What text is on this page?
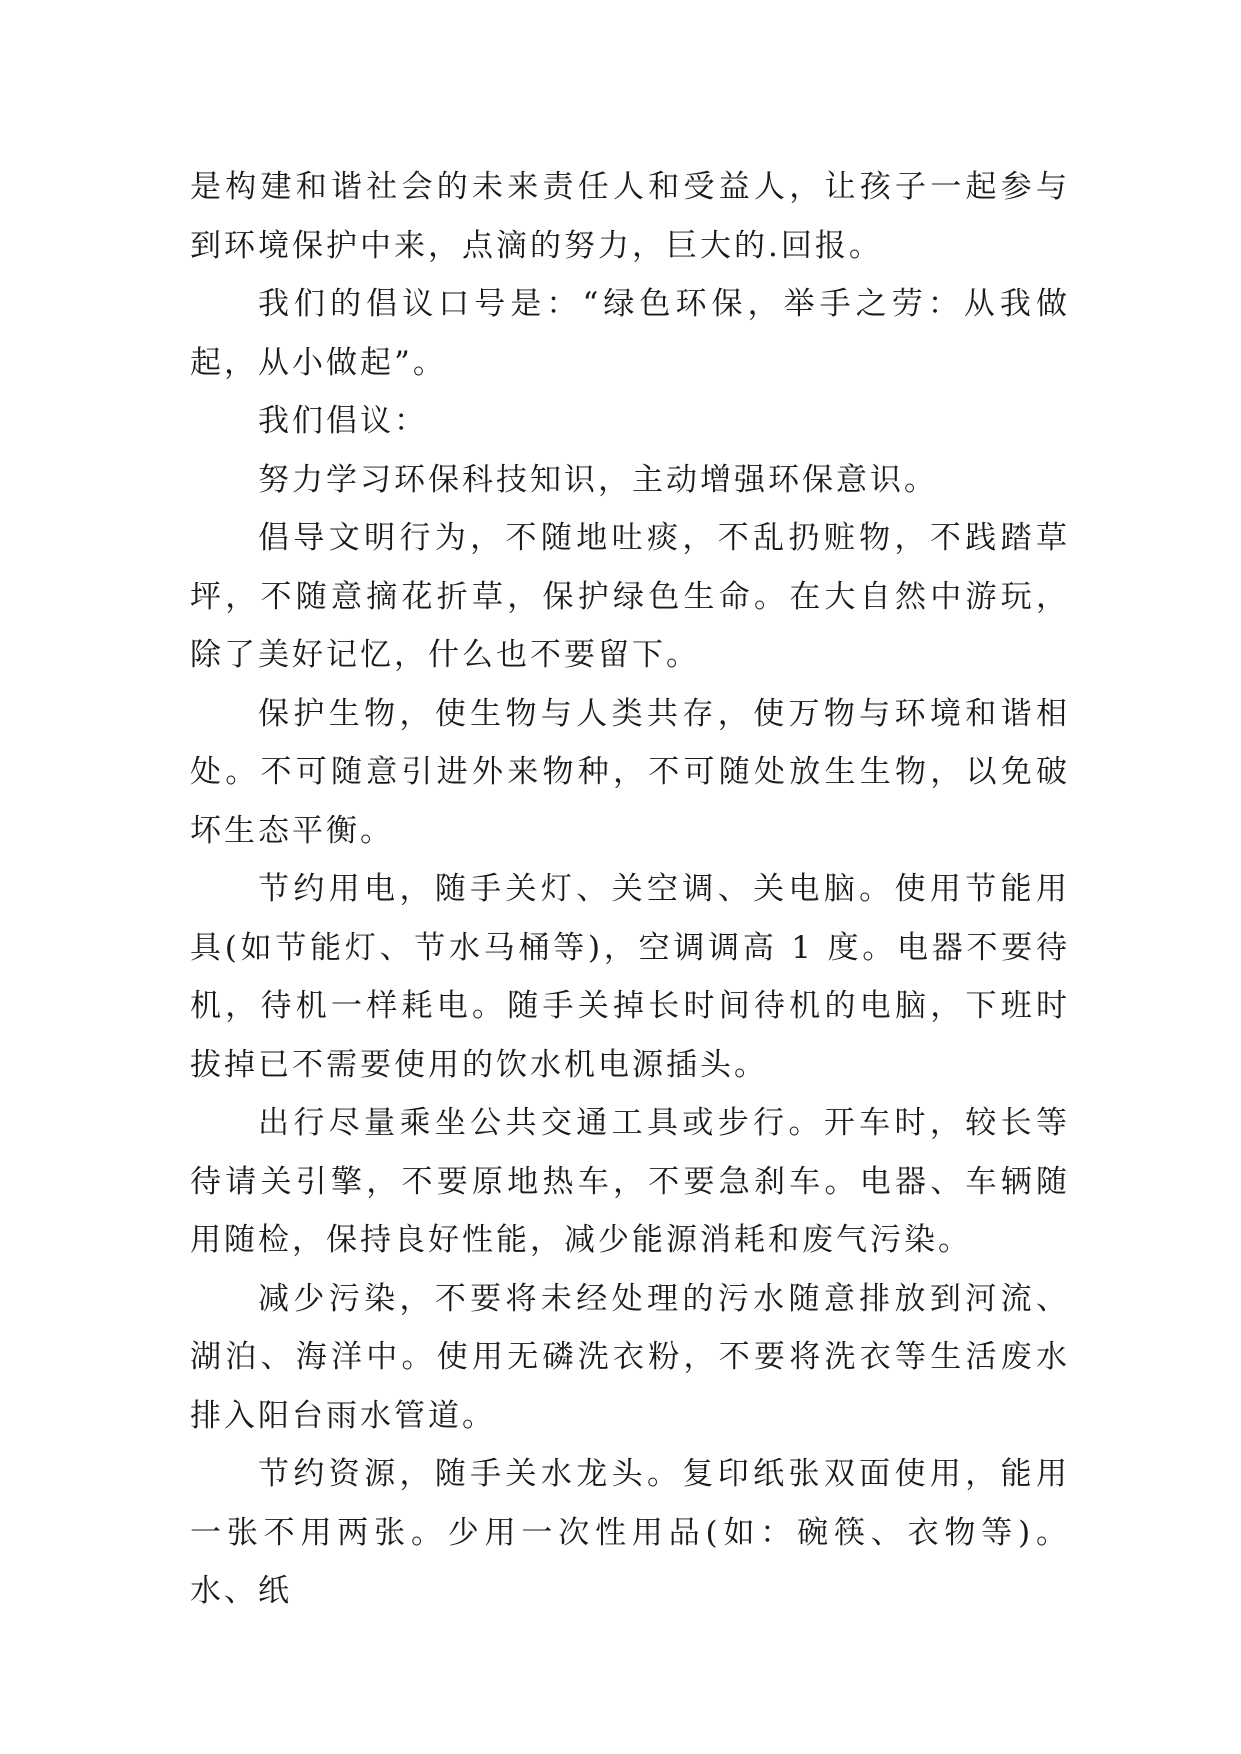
是构建和谐社会的未来责任人和受益人，让孩子一起参与到环境保护中来，点滴的努力，巨大的.回报。

我们的倡议口号是：“绿色环保，举手之劳：从我做起，从小做起”。

我们倡议：

努力学习环保科技知识，主动增强环保意识。

倡导文明行为，不随地吐痰，不乱扔赃物，不践踏草坪，不随意摘花折草，保护绿色生命。在大自然中游玩，除了美好记忆，什么也不要留下。

保护生物，使生物与人类共存，使万物与环境和谐相处。不可随意引进外来物种，不可随处放生生物，以免破坏生态平衡。

节约用电，随手关灯、关空调、关电脑。使用节能用具(如节能灯、节水马桶等)，空调调高 1 度。电器不要待机，待机一样耗电。随手关掉长时间待机的电脑，下班时拔掉已不需要使用的饮水机电源插头。

出行尽量乘坐公共交通工具或步行。开车时，较长等待请关引擎，不要原地热车，不要急刹车。电器、车辆随用随检，保持良好性能，减少能源消耗和废气污染。

减少污染，不要将未经处理的污水随意排放到河流、湖泊、海洋中。使用无磷洗衣粉，不要将洗衣等生活废水排入阳台雨水管道。

节约资源，随手关水龙头。复印纸张双面使用，能用一张不用两张。少用一次性用品(如：碗筷、衣物等)。水、纸
